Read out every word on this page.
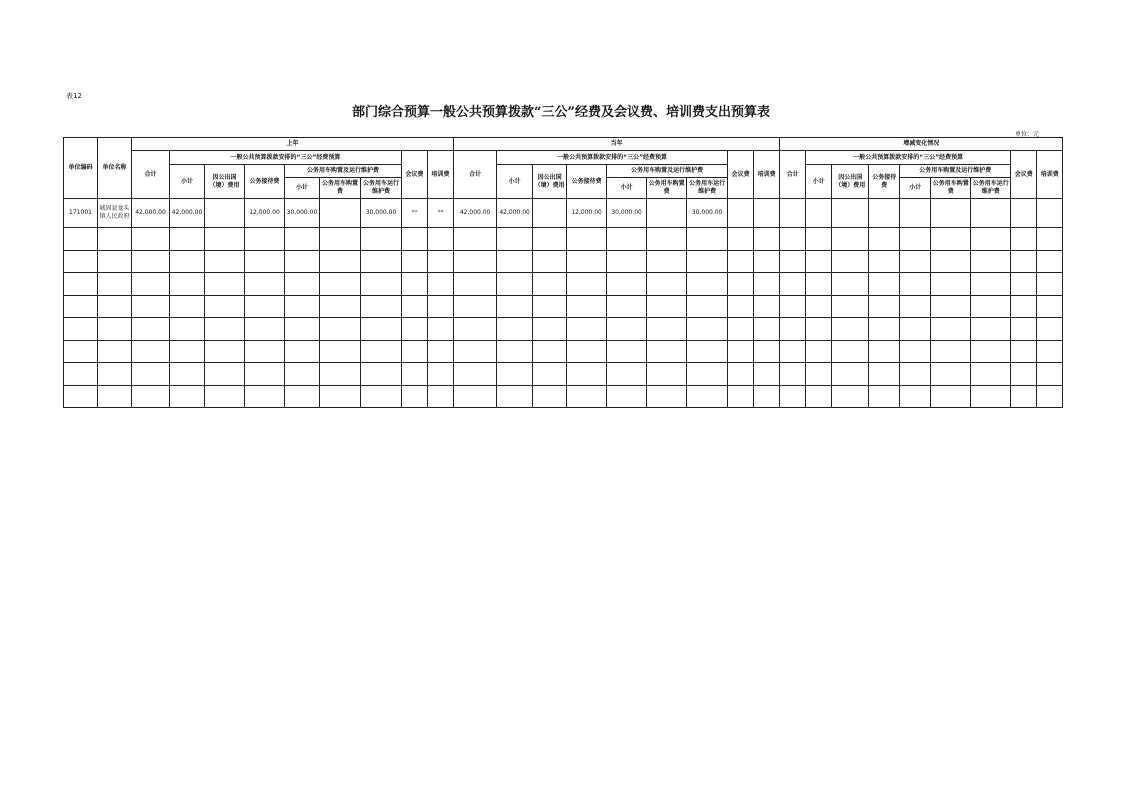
表12
部门综合预算一般公共预算拨款“三公”经费及会议费、培训费支出预算表
单位：元
单位编码	单位名称	上年									当年									增减变化情况								
		合计	一般公共预算拨款安排的“三公”经费预算						会议费	培训费	合计	一般公共预算拨款安排的“三公”经费预算						会议费	培训费	合计	一般公共预算拨款安排的“三公”经费预算						会议费	培训费
			小计	因公出国（境）费用	公务接待费	公务用车购置及运行维护费						小计	因公出国（境）费用	公务接待费	公务用车购置及运行维护费						小计	因公出国（境）费用	公务接待费	公务用车购置及运行维护费				
						小计	公务用车购置费	公务用车运行维护费							小计	公务用车购置费	公务用车运行维护费							小计	公务用车购置费	公务用车运行维护费		
171001	城固县龙头镇人民政府	42,000.00	42,000.00		12,000.00	30,000.00		30,000.00	**	**	42,000.00	42,000.00		12,000.00	30,000.00		30,000.00											
